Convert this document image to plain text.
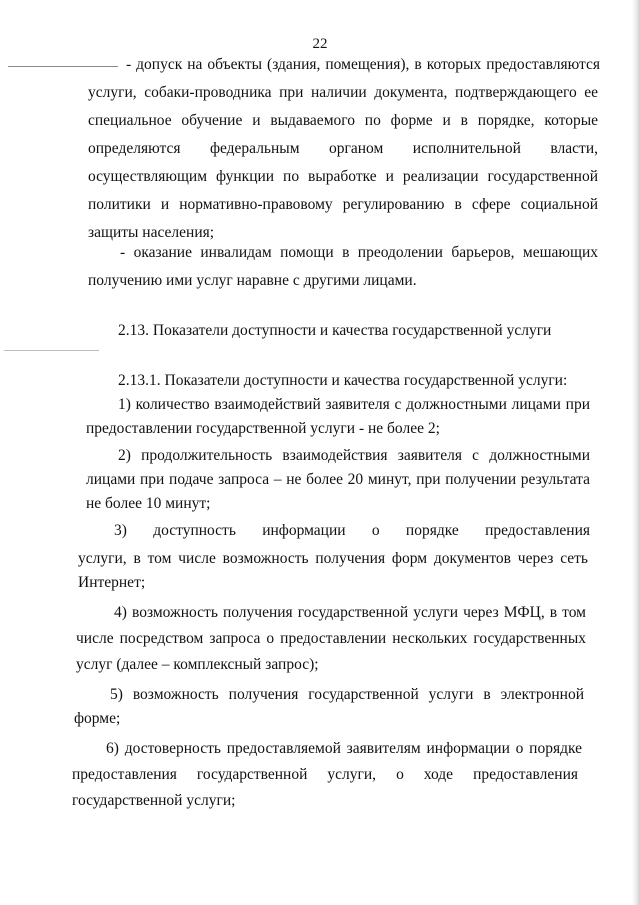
22
- допуск на объекты (здания, помещения), в которых предоставляются
услуги, собаки-проводника при наличии документа, подтверждающего ее
специальное обучение и выдаваемого по форме и в порядке, которые
определяются федеральным органом исполнительной власти,
осуществляющим функции по выработке и реализации государственной
политики и нормативно-правовому регулированию в сфере социальной
защиты населения;
- оказание инвалидам помощи в преодолении барьеров, мешающих
получению ими услуг наравне с другими лицами.
2.13. Показатели доступности и качества государственной услуги
2.13.1. Показатели доступности и качества государственной услуги:
1) количество взаимодействий заявителя с должностными лицами при
предоставлении государственной услуги - не более 2;
2) продолжительность взаимодействия заявителя с должностными
лицами при подаче запроса – не более 20 минут, при получении результата
не более 10 минут;
3) доступность информации о порядке предоставления
услуги, в том числе возможность получения форм документов через сеть
Интернет;
4) возможность получения государственной услуги через МФЦ, в том
числе посредством запроса о предоставлении нескольких государственных
услуг (далее – комплексный запрос);
5) возможность получения государственной услуги в электронной
форме;
6) достоверность предоставляемой заявителям информации о порядке
предоставления государственной услуги, о ходе предоставления
государственной услуги;
